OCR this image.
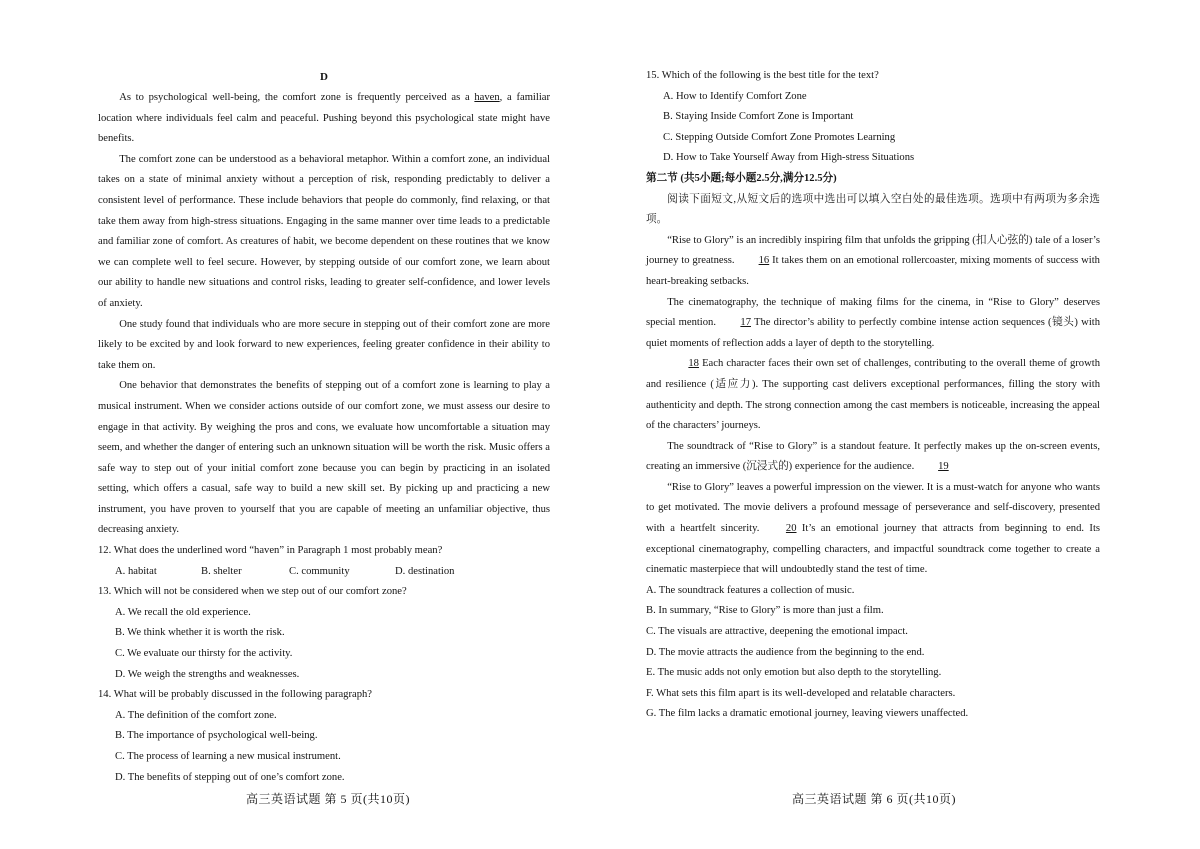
D

As to psychological well-being, the comfort zone is frequently perceived as a haven, a familiar location where individuals feel calm and peaceful. Pushing beyond this psychological state might have benefits.

The comfort zone can be understood as a behavioral metaphor. Within a comfort zone, an individual takes on a state of minimal anxiety without a perception of risk, responding predictably to deliver a consistent level of performance. These include behaviors that people do commonly, find relaxing, or that take them away from high-stress situations. Engaging in the same manner over time leads to a predictable and familiar zone of comfort. As creatures of habit, we become dependent on these routines that we know we can complete well to feel secure. However, by stepping outside of our comfort zone, we learn about our ability to handle new situations and control risks, leading to greater self-confidence, and lower levels of anxiety.

One study found that individuals who are more secure in stepping out of their comfort zone are more likely to be excited by and look forward to new experiences, feeling greater confidence in their ability to take them on.

One behavior that demonstrates the benefits of stepping out of a comfort zone is learning to play a musical instrument. When we consider actions outside of our comfort zone, we must assess our desire to engage in that activity. By weighing the pros and cons, we evaluate how uncomfortable a situation may seem, and whether the danger of entering such an unknown situation will be worth the risk. Music offers a safe way to step out of your initial comfort zone because you can begin by practicing in an isolated setting, which offers a casual, safe way to build a new skill set. By picking up and practicing a new instrument, you have proven to yourself that you are capable of meeting an unfamiliar objective, thus decreasing anxiety.

12. What does the underlined word “haven” in Paragraph 1 most probably mean?

A. habitat	B. shelter	C. community	D. destination

13. Which will not be considered when we step out of our comfort zone?

A. We recall the old experience.

B. We think whether it is worth the risk.

C. We evaluate our thirsty for the activity.

D. We weigh the strengths and weaknesses.

14. What will be probably discussed in the following paragraph?

A. The definition of the comfort zone.

B. The importance of psychological well-being.

C. The process of learning a new musical instrument.

D. The benefits of stepping out of one’s comfort zone.

15. Which of the following is the best title for the text?

A. How to Identify Comfort Zone

B. Staying Inside Comfort Zone is Important

C. Stepping Outside Comfort Zone Promotes Learning

D. How to Take Yourself Away from High-stress Situations

第二节 (共5小题;每小题2.5分,满分12.5分)

阅读下面短文,从短文后的选项中选出可以填入空白处的最佳选项。选项中有两项为多余选项。

“Rise to Glory” is an incredibly inspiring film that unfolds the gripping (扣人心弦的) tale of a loser’s journey to greatness. 16 It takes them on an emotional rollercoaster, mixing moments of success with heart-breaking setbacks.

The cinematography, the technique of making films for the cinema, in “Rise to Glory” deserves special mention. 17 The director’s ability to perfectly combine intense action sequences (镜头) with quiet moments of reflection adds a layer of depth to the storytelling.

18 Each character faces their own set of challenges, contributing to the overall theme of growth and resilience (适应力). The supporting cast delivers exceptional performances, filling the story with authenticity and depth. The strong connection among the cast members is noticeable, increasing the appeal of the characters’ journeys.

The soundtrack of “Rise to Glory” is a standout feature. It perfectly makes up the on-screen events, creating an immersive (沉浸式的) experience for the audience. 19

“Rise to Glory” leaves a powerful impression on the viewer. It is a must-watch for anyone who wants to get motivated. The movie delivers a profound message of perseverance and self-discovery, presented with a heartfelt sincerity. 20 It’s an emotional journey that attracts from beginning to end. Its exceptional cinematography, compelling characters, and impactful soundtrack come together to create a cinematic masterpiece that will undoubtedly stand the test of time.

A. The soundtrack features a collection of music.

B. In summary, “Rise to Glory” is more than just a film.

C. The visuals are attractive, deepening the emotional impact.

D. The movie attracts the audience from the beginning to the end.

E. The music adds not only emotion but also depth to the storytelling.

F. What sets this film apart is its well-developed and relatable characters.

G. The film lacks a dramatic emotional journey, leaving viewers unaffected.

高三英语试题 第 5 页(共10页)	高三英语试题 第 6 页(共10页)
